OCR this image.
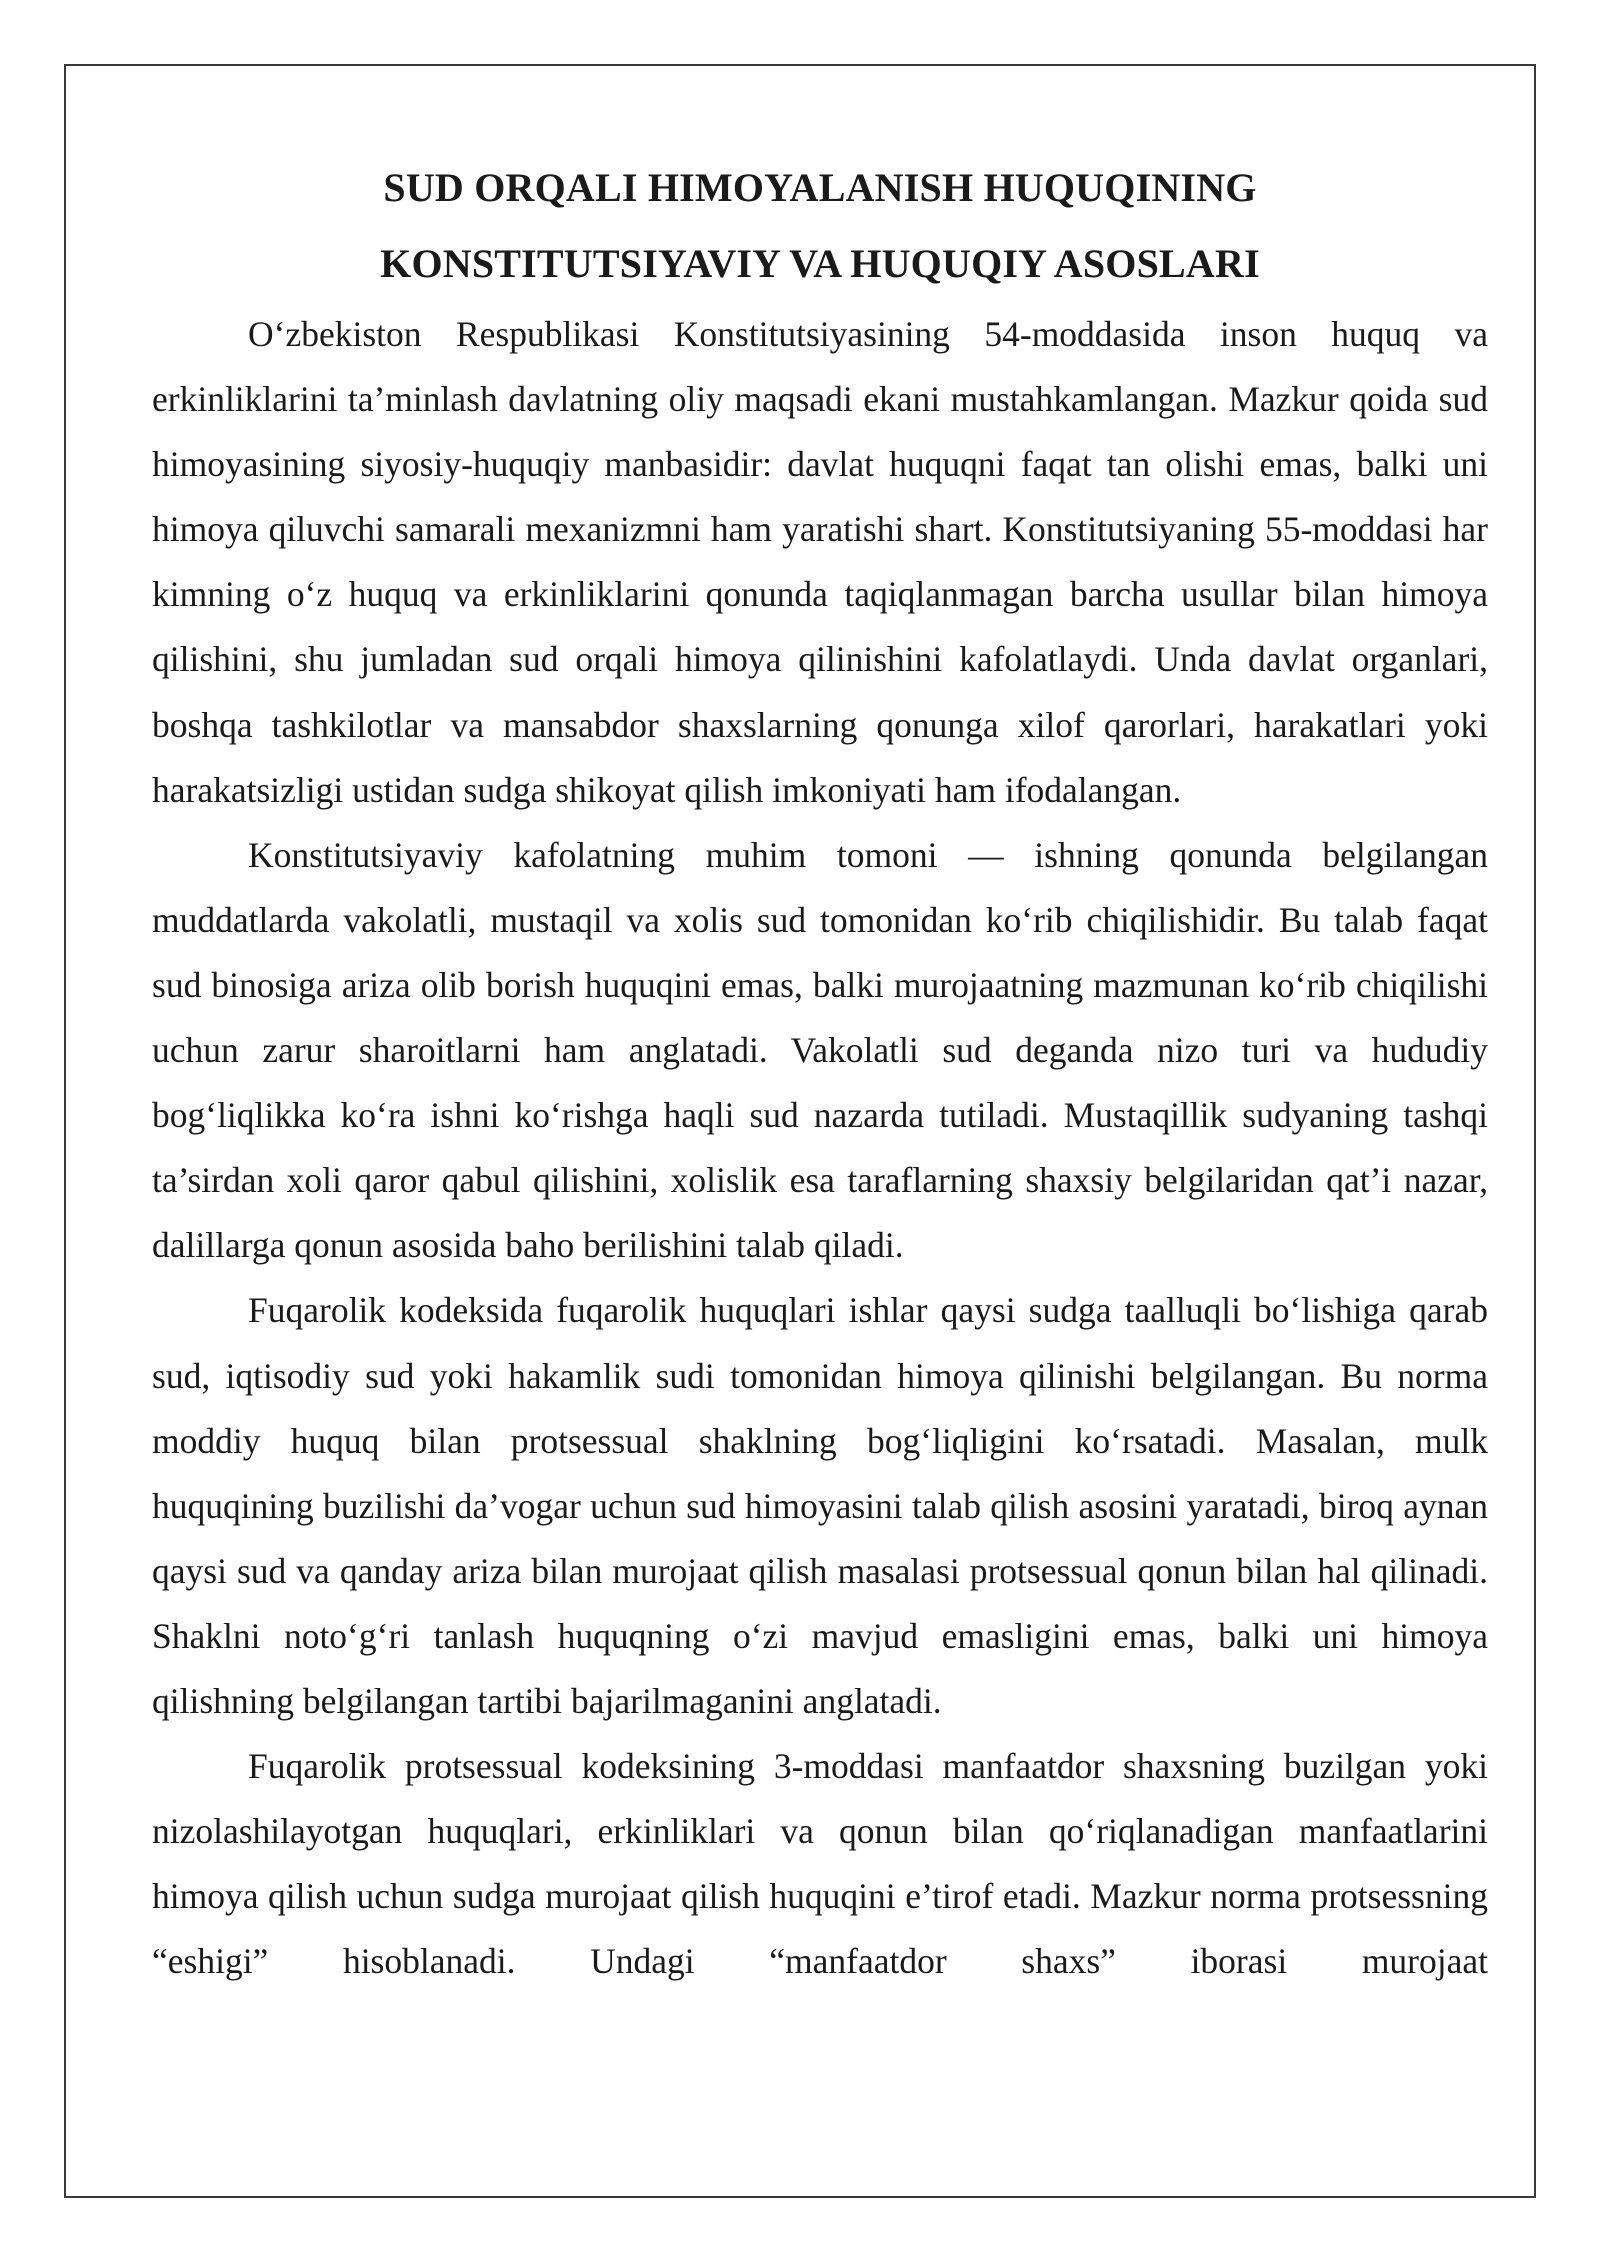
SUD ORQALI HIMOYALANISH HUQUQINING
KONSTITUTSIYAVIY VA HUQUQIY ASOSLARI

O‘zbekiston Respublikasi Konstitutsiyasining 54-moddasida inson huquq va erkinliklarini ta’minlash davlatning oliy maqsadi ekani mustahkamlangan. Mazkur qoida sud himoyasining siyosiy-huquqiy manbasidir: davlat huquqni faqat tan olishi emas, balki uni himoya qiluvchi samarali mexanizmni ham yaratishi shart. Konstitutsiyaning 55-moddasi har kimning o‘z huquq va erkinliklarini qonunda taqiqlanmagan barcha usullar bilan himoya qilishini, shu jumladan sud orqali himoya qilinishini kafolatlaydi. Unda davlat organlari, boshqa tashkilotlar va mansabdor shaxslarning qonunga xilof qarorlari, harakatlari yoki harakatsizligi ustidan sudga shikoyat qilish imkoniyati ham ifodalangan.

Konstitutsiyaviy kafolatning muhim tomoni — ishning qonunda belgilangan muddatlarda vakolatli, mustaqil va xolis sud tomonidan ko‘rib chiqilishidir. Bu talab faqat sud binosiga ariza olib borish huquqini emas, balki murojaatning mazmunan ko‘rib chiqilishi uchun zarur sharoitlarni ham anglatadi. Vakolatli sud deganda nizo turi va hududiy bog‘liqlikka ko‘ra ishni ko‘rishga haqli sud nazarda tutiladi. Mustaqillik sudyaning tashqi ta’sirdan xoli qaror qabul qilishini, xolislik esa taraflarning shaxsiy belgilaridan qat’i nazar, dalillarga qonun asosida baho berilishini talab qiladi.

Fuqarolik kodeksida fuqarolik huquqlari ishlar qaysi sudga taalluqli bo‘lishiga qarab sud, iqtisodiy sud yoki hakamlik sudi tomonidan himoya qilinishi belgilangan. Bu norma moddiy huquq bilan protsessual shaklning bog‘liqligini ko‘rsatadi. Masalan, mulk huquqining buzilishi da’vogar uchun sud himoyasini talab qilish asosini yaratadi, biroq aynan qaysi sud va qanday ariza bilan murojaat qilish masalasi protsessual qonun bilan hal qilinadi. Shaklni noto‘g‘ri tanlash huquqning o‘zi mavjud emasligini emas, balki uni himoya qilishning belgilangan tartibi bajarilmaganini anglatadi.

Fuqarolik protsessual kodeksining 3-moddasi manfaatdor shaxsning buzilgan yoki nizolashilayotgan huquqlari, erkinliklari va qonun bilan qo‘riqlanadigan manfaatlarini himoya qilish uchun sudga murojaat qilish huquqini e’tirof etadi. Mazkur norma protsessning “eshigi” hisoblanadi. Undagi “manfaatdor shaxs” iborasi murojaat
